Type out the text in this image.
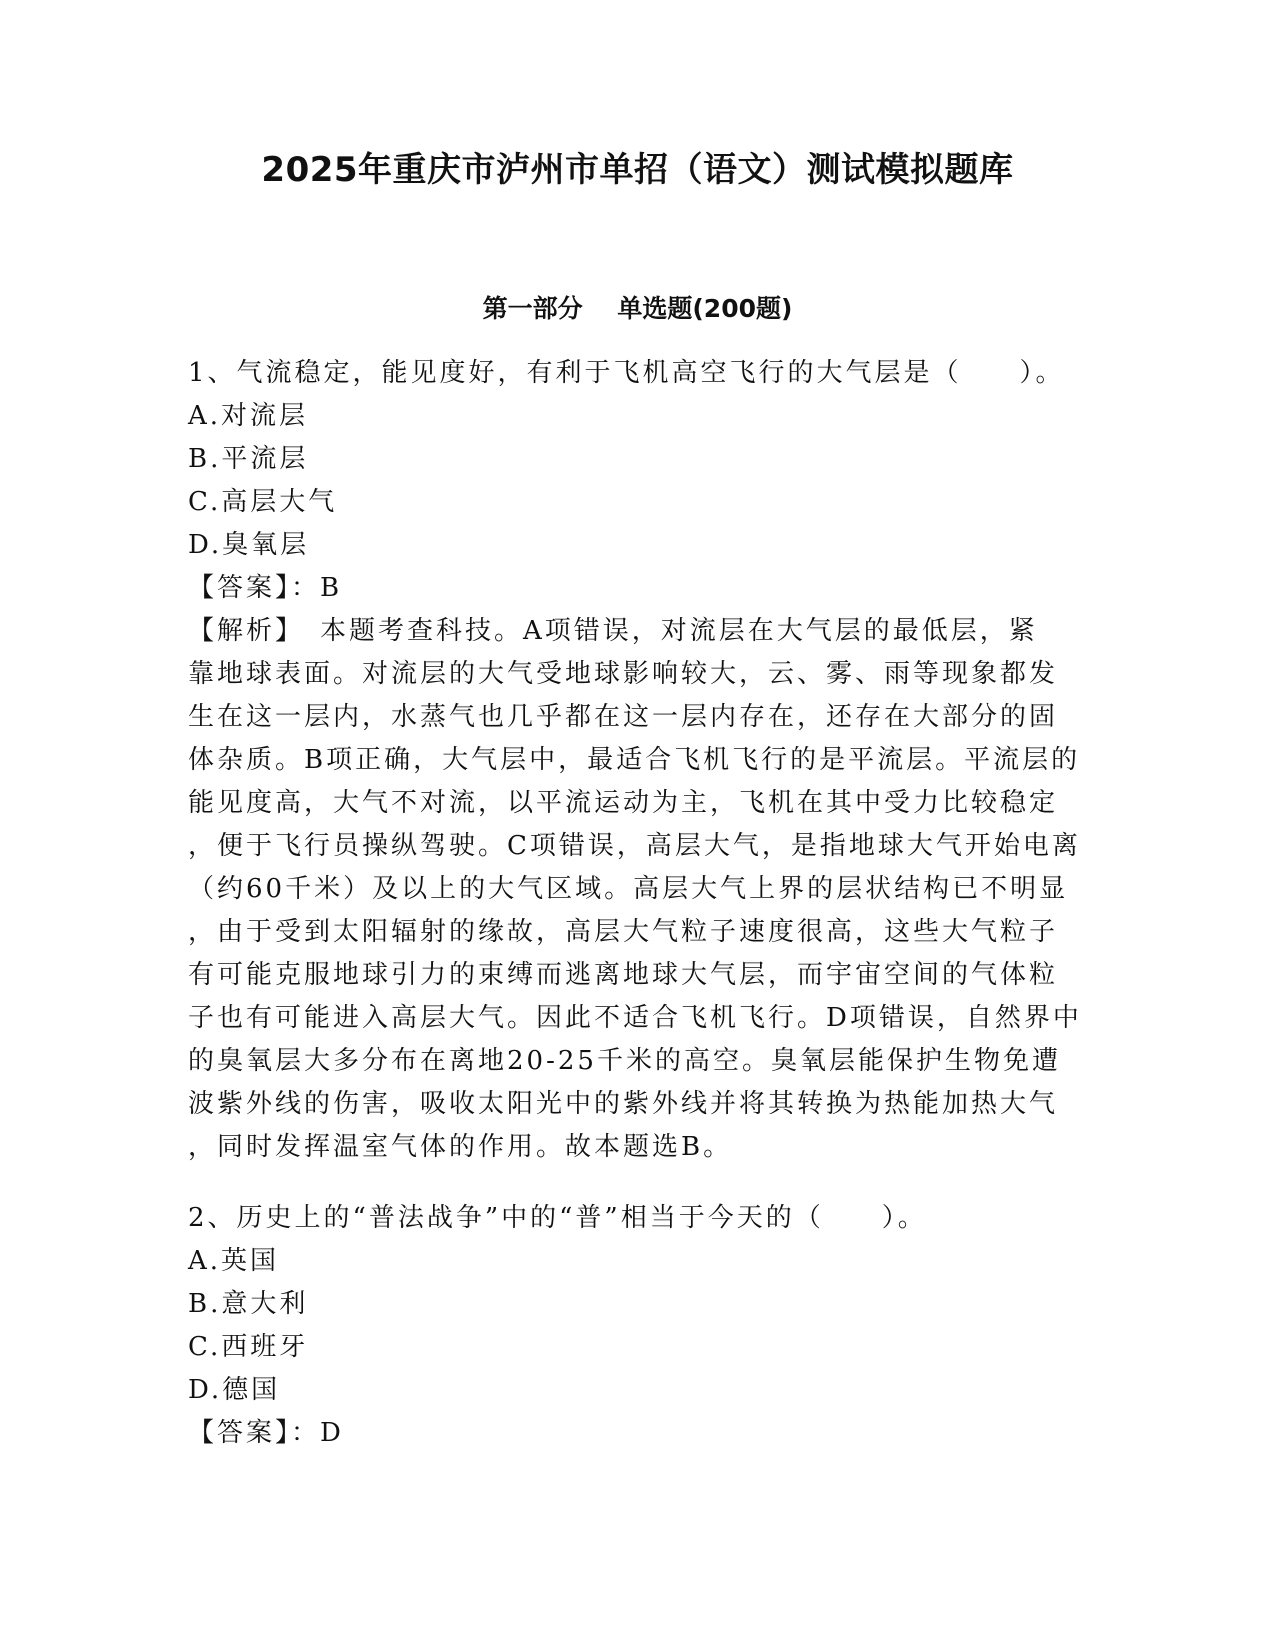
2025年重庆市泸州市单招（语文）测试模拟题库
第一部分    单选题(200题)
1、气流稳定，能见度好，有利于飞机高空飞行的大气层是（　　）。
A.对流层
B.平流层
C.高层大气
D.臭氧层
【答案】：B
【解析】　本题考查科技。A项错误，对流层在大气层的最低层，紧
靠地球表面。对流层的大气受地球影响较大，云、雾、雨等现象都发
生在这一层内，水蒸气也几乎都在这一层内存在，还存在大部分的固
体杂质。B项正确，大气层中，最适合飞机飞行的是平流层。平流层的
能见度高，大气不对流，以平流运动为主，飞机在其中受力比较稳定
，便于飞行员操纵驾驶。C项错误，高层大气，是指地球大气开始电离
（约60千米）及以上的大气区域。高层大气上界的层状结构已不明显
，由于受到太阳辐射的缘故，高层大气粒子速度很高，这些大气粒子
有可能克服地球引力的束缚而逃离地球大气层，而宇宙空间的气体粒
子也有可能进入高层大气。因此不适合飞机飞行。D项错误，自然界中
的臭氧层大多分布在离地20-25千米的高空。臭氧层能保护生物免遭
波紫外线的伤害，吸收太阳光中的紫外线并将其转换为热能加热大气
，同时发挥温室气体的作用。故本题选B。
2、历史上的“普法战争”中的“普”相当于今天的（　　）。
A.英国
B.意大利
C.西班牙
D.德国
【答案】：D
